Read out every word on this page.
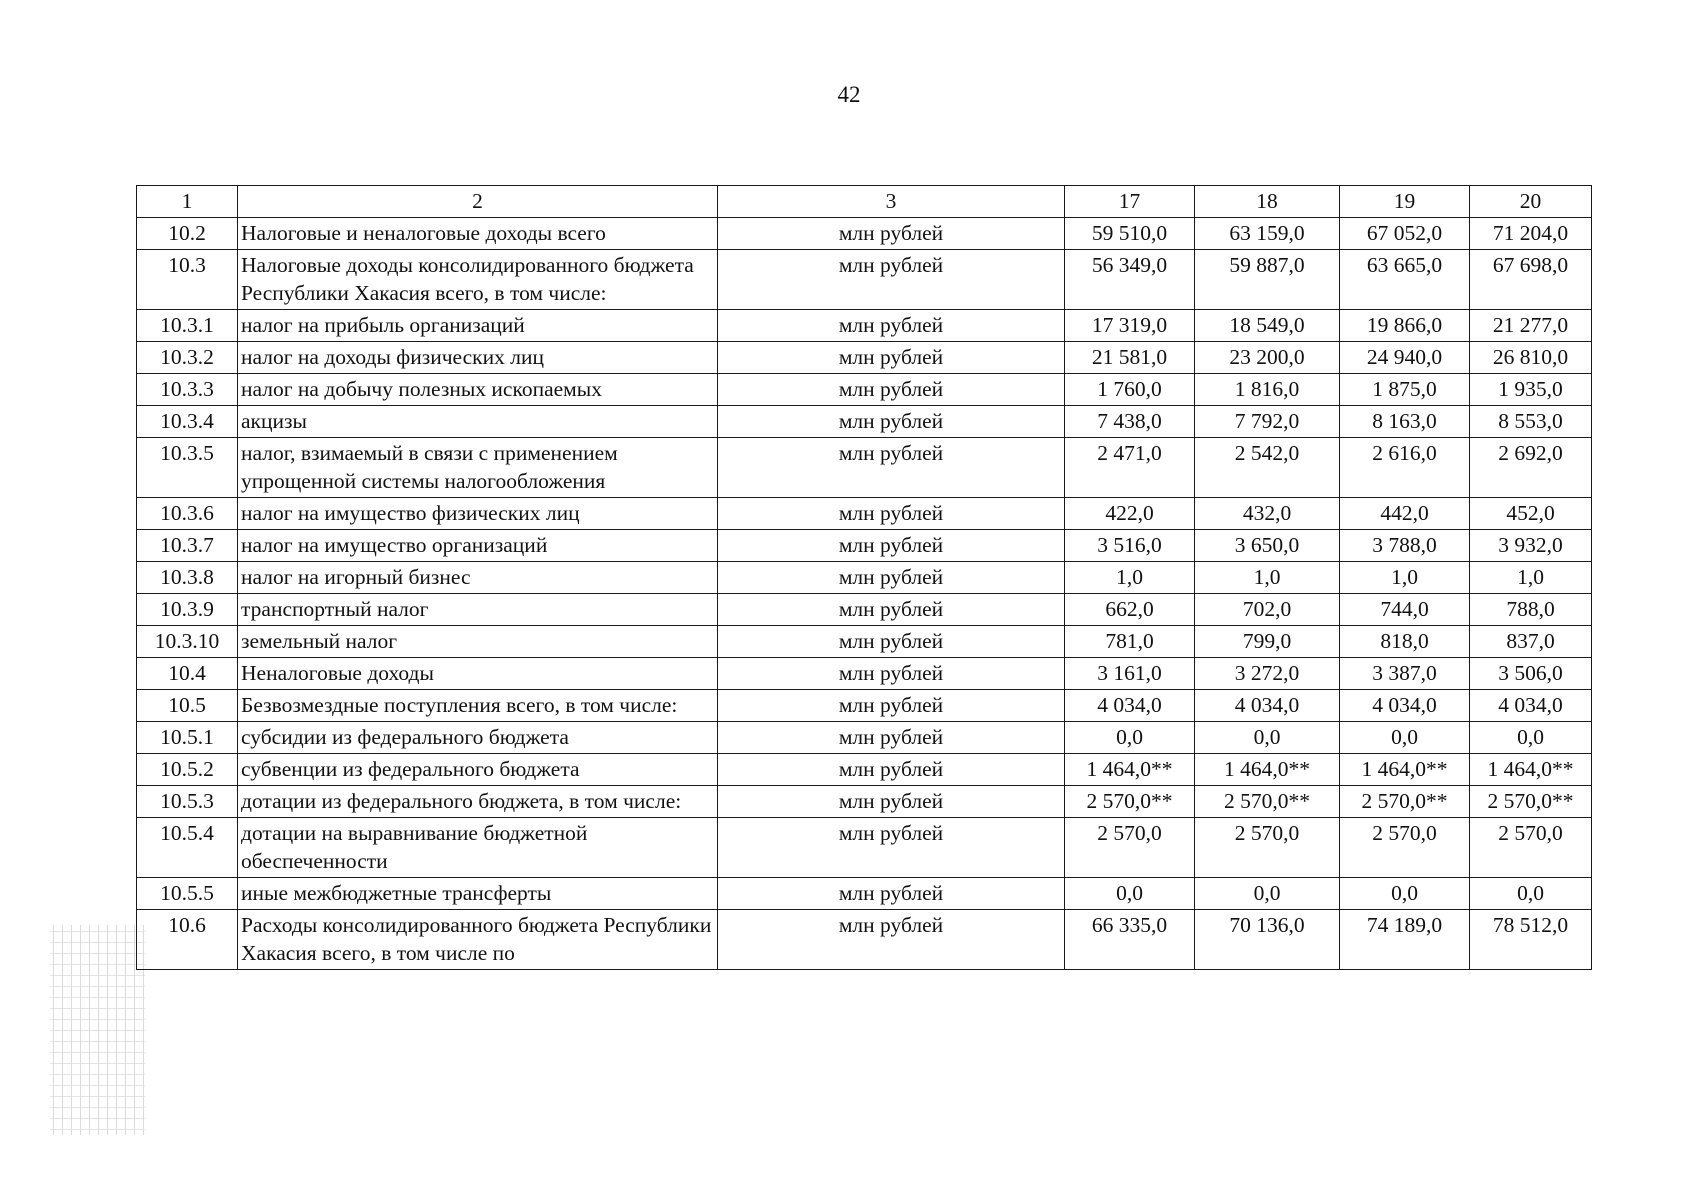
42
1	2	3	17	18	19	20
10.2	Налоговые и неналоговые доходы всего	млн рублей	59 510,0	63 159,0	67 052,0	71 204,0
10.3	Налоговые доходы консолидированного бюджета Республики Хакасия всего, в том числе:	млн рублей	56 349,0	59 887,0	63 665,0	67 698,0
10.3.1	налог на прибыль организаций	млн рублей	17 319,0	18 549,0	19 866,0	21 277,0
10.3.2	налог на доходы физических лиц	млн рублей	21 581,0	23 200,0	24 940,0	26 810,0
10.3.3	налог на добычу полезных ископаемых	млн рублей	1 760,0	1 816,0	1 875,0	1 935,0
10.3.4	акцизы	млн рублей	7 438,0	7 792,0	8 163,0	8 553,0
10.3.5	налог, взимаемый в связи с применением упрощенной системы налогообложения	млн рублей	2 471,0	2 542,0	2 616,0	2 692,0
10.3.6	налог на имущество физических лиц	млн рублей	422,0	432,0	442,0	452,0
10.3.7	налог на имущество организаций	млн рублей	3 516,0	3 650,0	3 788,0	3 932,0
10.3.8	налог на игорный бизнес	млн рублей	1,0	1,0	1,0	1,0
10.3.9	транспортный налог	млн рублей	662,0	702,0	744,0	788,0
10.3.10	земельный налог	млн рублей	781,0	799,0	818,0	837,0
10.4	Неналоговые доходы	млн рублей	3 161,0	3 272,0	3 387,0	3 506,0
10.5	Безвозмездные поступления всего, в том числе:	млн рублей	4 034,0	4 034,0	4 034,0	4 034,0
10.5.1	субсидии из федерального бюджета	млн рублей	0,0	0,0	0,0	0,0
10.5.2	субвенции из федерального бюджета	млн рублей	1 464,0**	1 464,0**	1 464,0**	1 464,0**
10.5.3	дотации из федерального бюджета, в том числе:	млн рублей	2 570,0**	2 570,0**	2 570,0**	2 570,0**
10.5.4	дотации на выравнивание бюджетной обеспеченности	млн рублей	2 570,0	2 570,0	2 570,0	2 570,0
10.5.5	иные межбюджетные трансферты	млн рублей	0,0	0,0	0,0	0,0
10.6	Расходы консолидированного бюджета Республики Хакасия всего, в том числе по	млн рублей	66 335,0	70 136,0	74 189,0	78 512,0
